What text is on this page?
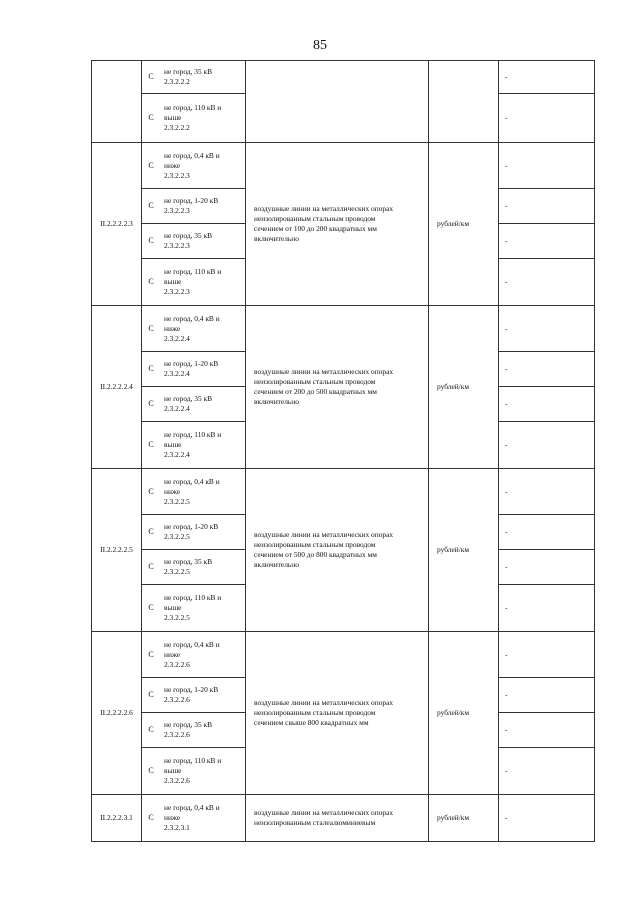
85

	С
не город, 35 кВ
2.3.2.2.2			-

	С
не город, 110 кВ и
выше
2.3.2.2.2			-
II.2.2.2.2.3	С
не город, 0,4 кВ и
ниже
2.3.2.2.3	воздушные линии на металлических опорах
неизолированным стальным проводом
сечением от 100 до 200 квадратных мм
включительно	рублей/км	-

	С
не город, 1-20 кВ
2.3.2.2.3			-

	С
не город, 35 кВ
2.3.2.2.3			-

	С
не город, 110 кВ и
выше
2.3.2.2.3			-
II.2.2.2.2.4	С
не город, 0,4 кВ и
ниже
2.3.2.2.4	воздушные линии на металлических опорах
неизолированным стальным проводом
сечением от 200 до 500 квадратных мм
включительно	рублей/км	-

	С
не город, 1-20 кВ
2.3.2.2.4			-

	С
не город, 35 кВ
2.3.2.2.4			-

	С
не город, 110 кВ и
выше
2.3.2.2.4			-
II.2.2.2.2.5	С
не город, 0,4 кВ и
ниже
2.3.2.2.5	воздушные линии на металлических опорах
неизолированным стальным проводом
сечением от 500 до 800 квадратных мм
включительно	рублей/км	-

	С
не город, 1-20 кВ
2.3.2.2.5			-

	С
не город, 35 кВ
2.3.2.2.5			-

	С
не город, 110 кВ и
выше
2.3.2.2.5			-
II.2.2.2.2.6	С
не город, 0,4 кВ и
ниже
2.3.2.2.6	воздушные линии на металлических опорах
неизолированным стальным проводом
сечением свыше 800 квадратных мм	рублей/км	-

	С
не город, 1-20 кВ
2.3.2.2.6			-

	С
не город, 35 кВ
2.3.2.2.6			-

	С
не город, 110 кВ и
выше
2.3.2.2.6			-
II.2.2.2.3.1	С
не город, 0,4 кВ и
ниже
2.3.2.3.1	воздушные линии на металлических опорах
неизолированным сталеалюминиевым	рублей/км	-
